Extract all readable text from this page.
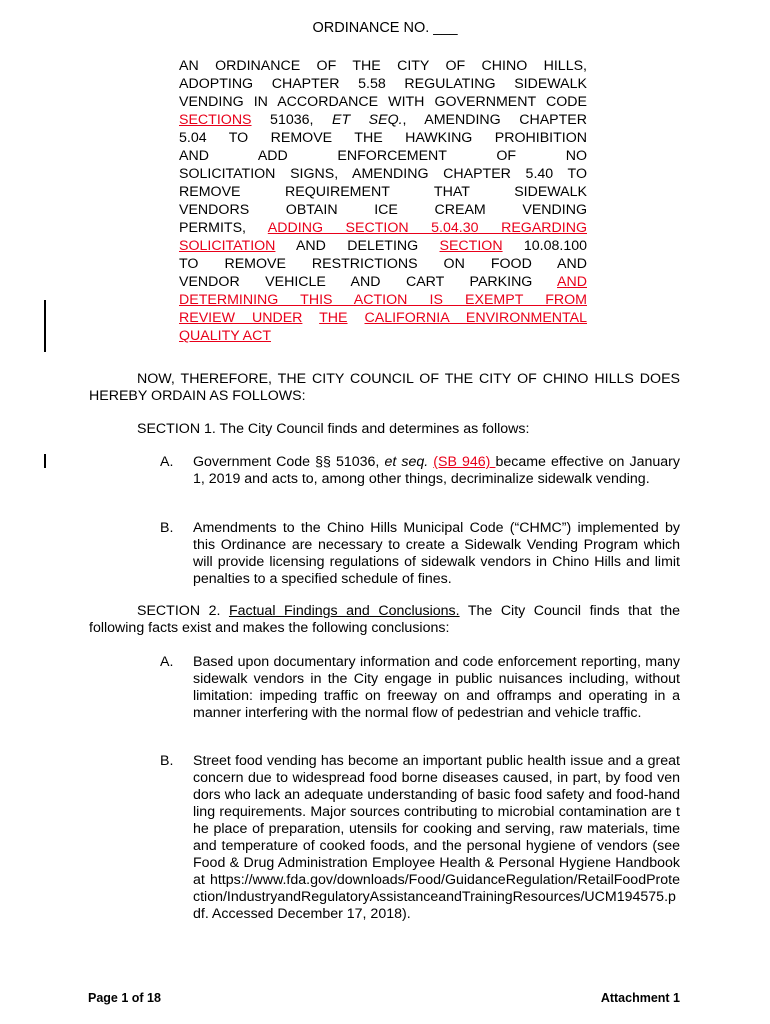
ORDINANCE NO. ___
AN ORDINANCE OF THE CITY OF CHINO HILLS,
ADOPTING CHAPTER 5.58 REGULATING SIDEWALK
VENDING IN ACCORDANCE WITH GOVERNMENT CODE
SECTIONS 51036, ET SEQ., AMENDING CHAPTER
5.04 TO REMOVE THE HAWKING PROHIBITION
AND ADD ENFORCEMENT OF NO
SOLICITATION SIGNS, AMENDING CHAPTER 5.40 TO
REMOVE REQUIREMENT THAT SIDEWALK
VENDORS OBTAIN ICE CREAM VENDING
PERMITS, ADDING SECTION 5.04.30 REGARDING
SOLICITATION AND DELETING SECTION 10.08.100
TO REMOVE RESTRICTIONS ON FOOD AND
VENDOR VEHICLE AND CART PARKING AND
DETERMINING THIS ACTION IS EXEMPT FROM
REVIEW UNDER THE CALIFORNIA ENVIRONMENTAL
QUALITY ACT
NOW, THEREFORE, THE CITY COUNCIL OF THE CITY OF CHINO HILLS DOES HEREBY ORDAIN AS FOLLOWS:
SECTION 1. The City Council finds and determines as follows:
A. Government Code §§ 51036, et seq. (SB 946) became effective on January 1, 2019 and acts to, among other things, decriminalize sidewalk vending.
B. Amendments to the Chino Hills Municipal Code (“CHMC”) implemented by this Ordinance are necessary to create a Sidewalk Vending Program which will provide licensing regulations of sidewalk vendors in Chino Hills and limit penalties to a specified schedule of fines.
SECTION 2. Factual Findings and Conclusions. The City Council finds that the following facts exist and makes the following conclusions:
A. Based upon documentary information and code enforcement reporting, many sidewalk vendors in the City engage in public nuisances including, without limitation: impeding traffic on freeway on and offramps and operating in a manner interfering with the normal flow of pedestrian and vehicle traffic.
B. Street food vending has become an important public health issue and a great concern due to widespread food borne diseases caused, in part, by food vendors who lack an adequate understanding of basic food safety and food-handling requirements. Major sources contributing to microbial contamination are the place of preparation, utensils for cooking and serving, raw materials, time and temperature of cooked foods, and the personal hygiene of vendors (see Food & Drug Administration Employee Health & Personal Hygiene Handbook at https://www.fda.gov/downloads/Food/GuidanceRegulation/RetailFoodProtection/IndustryandRegulatoryAssistanceandTrainingResources/UCM194575.pdf. Accessed December 17, 2018).
Page 1 of 18	Attachment 1
